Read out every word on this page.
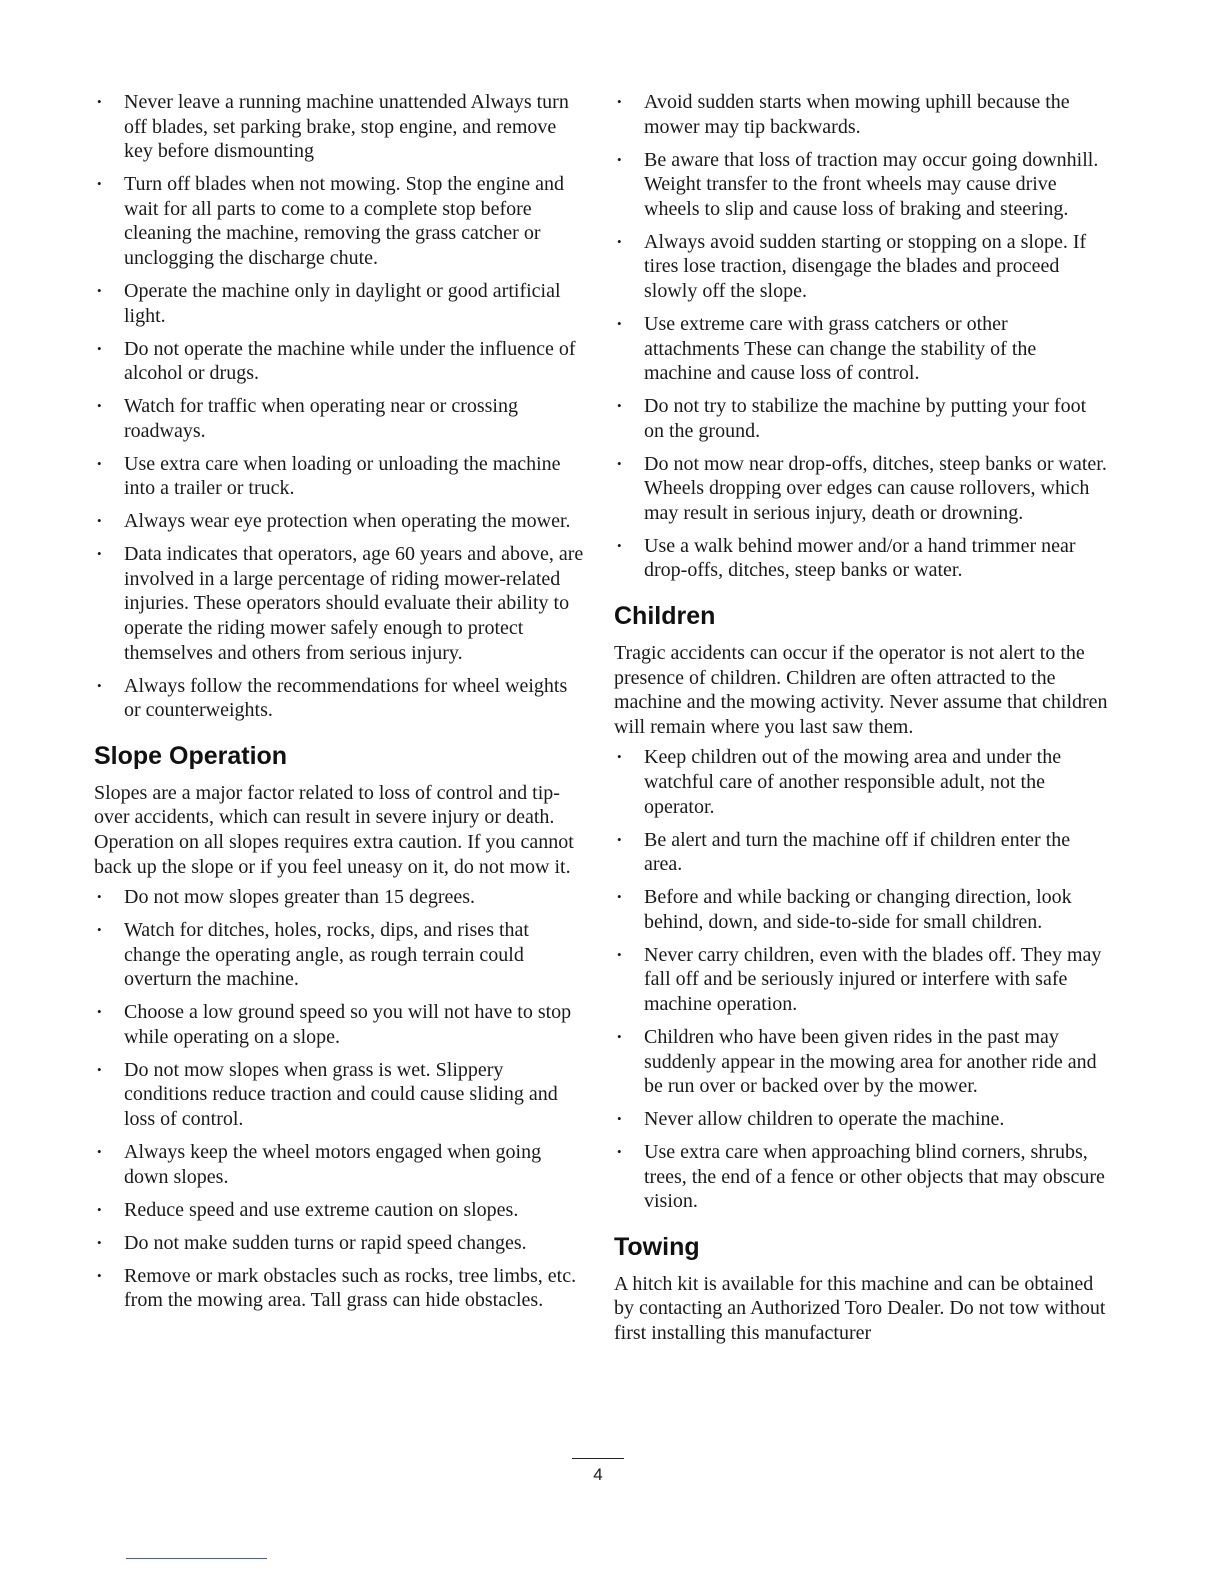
• Never leave a running machine unattended Always turn off blades, set parking brake, stop engine, and remove key before dismounting
• Turn off blades when not mowing. Stop the engine and wait for all parts to come to a complete stop before cleaning the machine, removing the grass catcher or unclogging the discharge chute.
• Operate the machine only in daylight or good artificial light.
• Do not operate the machine while under the influence of alcohol or drugs.
• Watch for traffic when operating near or crossing roadways.
• Use extra care when loading or unloading the machine into a trailer or truck.
• Always wear eye protection when operating the mower.
• Data indicates that operators, age 60 years and above, are involved in a large percentage of riding mower-related injuries. These operators should evaluate their ability to operate the riding mower safely enough to protect themselves and others from serious injury.
• Always follow the recommendations for wheel weights or counterweights.
Slope Operation

Slopes are a major factor related to loss of control and tip-over accidents, which can result in severe injury or death. Operation on all slopes requires extra caution. If you cannot back up the slope or if you feel uneasy on it, do not mow it.

• Do not mow slopes greater than 15 degrees.
• Watch for ditches, holes, rocks, dips, and rises that change the operating angle, as rough terrain could overturn the machine.
• Choose a low ground speed so you will not have to stop while operating on a slope.
• Do not mow slopes when grass is wet. Slippery conditions reduce traction and could cause sliding and loss of control.
• Always keep the wheel motors engaged when going down slopes.
• Reduce speed and use extreme caution on slopes.
• Do not make sudden turns or rapid speed changes.
• Remove or mark obstacles such as rocks, tree limbs, etc. from the mowing area. Tall grass can hide obstacles.
• Avoid sudden starts when mowing uphill because the mower may tip backwards.
• Be aware that loss of traction may occur going downhill. Weight transfer to the front wheels may cause drive wheels to slip and cause loss of braking and steering.
• Always avoid sudden starting or stopping on a slope. If tires lose traction, disengage the blades and proceed slowly off the slope.
• Use extreme care with grass catchers or other attachments These can change the stability of the machine and cause loss of control.
• Do not try to stabilize the machine by putting your foot on the ground.
• Do not mow near drop-offs, ditches, steep banks or water. Wheels dropping over edges can cause rollovers, which may result in serious injury, death or drowning.
• Use a walk behind mower and/or a hand trimmer near drop-offs, ditches, steep banks or water.
Children

Tragic accidents can occur if the operator is not alert to the presence of children. Children are often attracted to the machine and the mowing activity. Never assume that children will remain where you last saw them.

• Keep children out of the mowing area and under the watchful care of another responsible adult, not the operator.
• Be alert and turn the machine off if children enter the area.
• Before and while backing or changing direction, look behind, down, and side-to-side for small children.
• Never carry children, even with the blades off. They may fall off and be seriously injured or interfere with safe machine operation.
• Children who have been given rides in the past may suddenly appear in the mowing area for another ride and be run over or backed over by the mower.
• Never allow children to operate the machine.
• Use extra care when approaching blind corners, shrubs, trees, the end of a fence or other objects that may obscure vision.
Towing

A hitch kit is available for this machine and can be obtained by contacting an Authorized Toro Dealer. Do not tow without first installing this manufacturer

4
